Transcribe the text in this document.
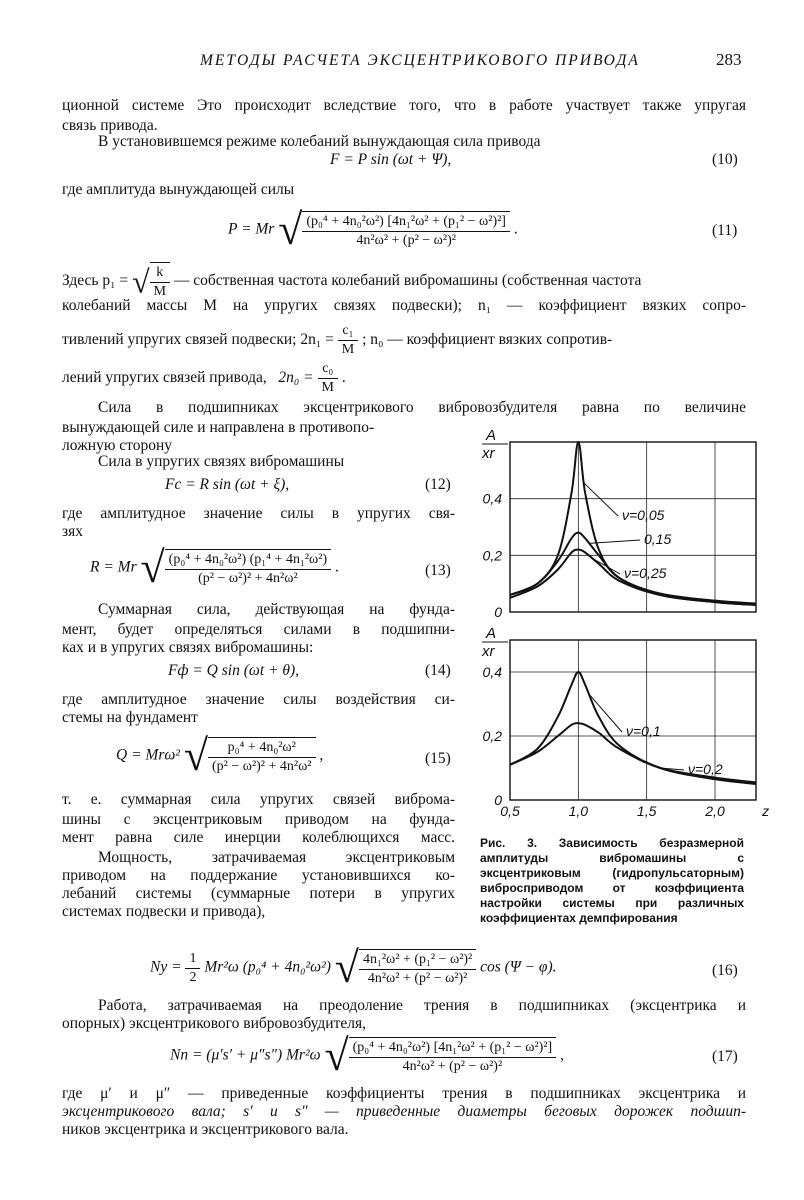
МЕТОДЫ РАСЧЕТА ЭКСЦЕНТРИКОВОГО ПРИВОДА	283
ционной системе Это происходит вследствие того, что в работе участвует также упругая
связь привода.
В установившемся режиме колебаний вынуждающая сила привода
F = P sin (ωt + Ψ),	(10)
где амплитуда вынуждающей силы
P = Mr √ $\frac{\text{(p₀⁴ + 4n₀²ω²) [4n₁²ω² + (p₁² − ω²)²]}}{\text{4n²ω² + (p² − ω²)²}}$ .	(11)
Здесь p₁ = √ $\frac{k}{M}$ — собственная частота колебаний вибромашины (собственная частота
колебаний массы M на упругих связях подвески); n₁ — коэффициент вязких сопро-
тивлений упругих связей подвески; $2n_1 = \frac{\text{c₁}}{M}$ ; n₀ — коэффициент вязких сопротив-
лений упругих связей привода, $2n_0 = \frac{\text{c₀}}{M}$ .
Сила в подшипниках эксцентрикового вибровозбудителя равна по величине
вынуждающей силе и направлена в противопо-
ложную сторону
Сила в упругих связях вибромашины
Fc = R sin (ωt + ξ),	(12)
где амплитудное значение силы в упругих свя-
зях
R = Mr √ $\frac{\text{(p₀⁴ + 4n₀²ω²) (p₁⁴ + 4n₁²ω²)}}{\text{(p² − ω²)² + 4n²ω²}}$ .	(13)
Суммарная сила, действующая на фунда-
мент, будет определяться силами в подшипни-
ках и в упругих связях вибромашины:
Fф = Q sin (ωt + θ),	(14)
где амплитудное значение силы воздействия си-
стемы на фундамент
Q = Mrω² √ $\frac{\text{p₀⁴ + 4n₀²ω²}}{\text{(p² − ω²)² + 4n²ω²}}$ ,	(15)
т. е. суммарная сила упругих связей виброма-
шины с эксцентриковым приводом на фунда-
мент равна силе инерции колеблющихся масс.
Мощность, затрачиваемая эксцентриковым
приводом на поддержание установившихся ко-
лебаний системы (суммарные потери в упругих
системах подвески и привода),
0
0,2
0,4
A
xr
ν=0,05
0,15
ν=0,25
0
0,2
0,4
A
xr
0,5	1,0	1,5	2,0	z
ν=0,1
ν=0,2
Рис. 3. Зависимость безразмерной амплитуды вибромашины с эксцентриковым (гидропульсаторным) вибросприводом от коэффициента настройки системы при различных коэффициентах демпфирования
Nу = $\frac{1}{2} Mr^2\omega$ (p₀⁴ + 4n₀²ω²) √ $\frac{\text{4n₁²ω² + (p₁² − ω²)²}}{\text{4n²ω² + (p² − ω²)²}}$ cos (Ψ − φ).	(16)
Работа, затрачиваемая на преодоление трения в подшипниках (эксцентрика и
опорных) эксцентрикового вибровозбудителя,
Nп = (μ′s′ + μ″s″) Mr²ω √ $\frac{\text{(p₀⁴ + 4n₀²ω²) [4n₁²ω² + (p₁² − ω²)²]}}{\text{4n²ω² + (p² − ω²)²}}$ ,	(17)
где μ′ и μ″ — приведенные коэффициенты трения в подшипниках эксцентрика и
эксцентрикового вала; s′ и s″ — приведенные диаметры беговых дорожек подшип-
ников эксцентрика и эксцентрикового вала.
